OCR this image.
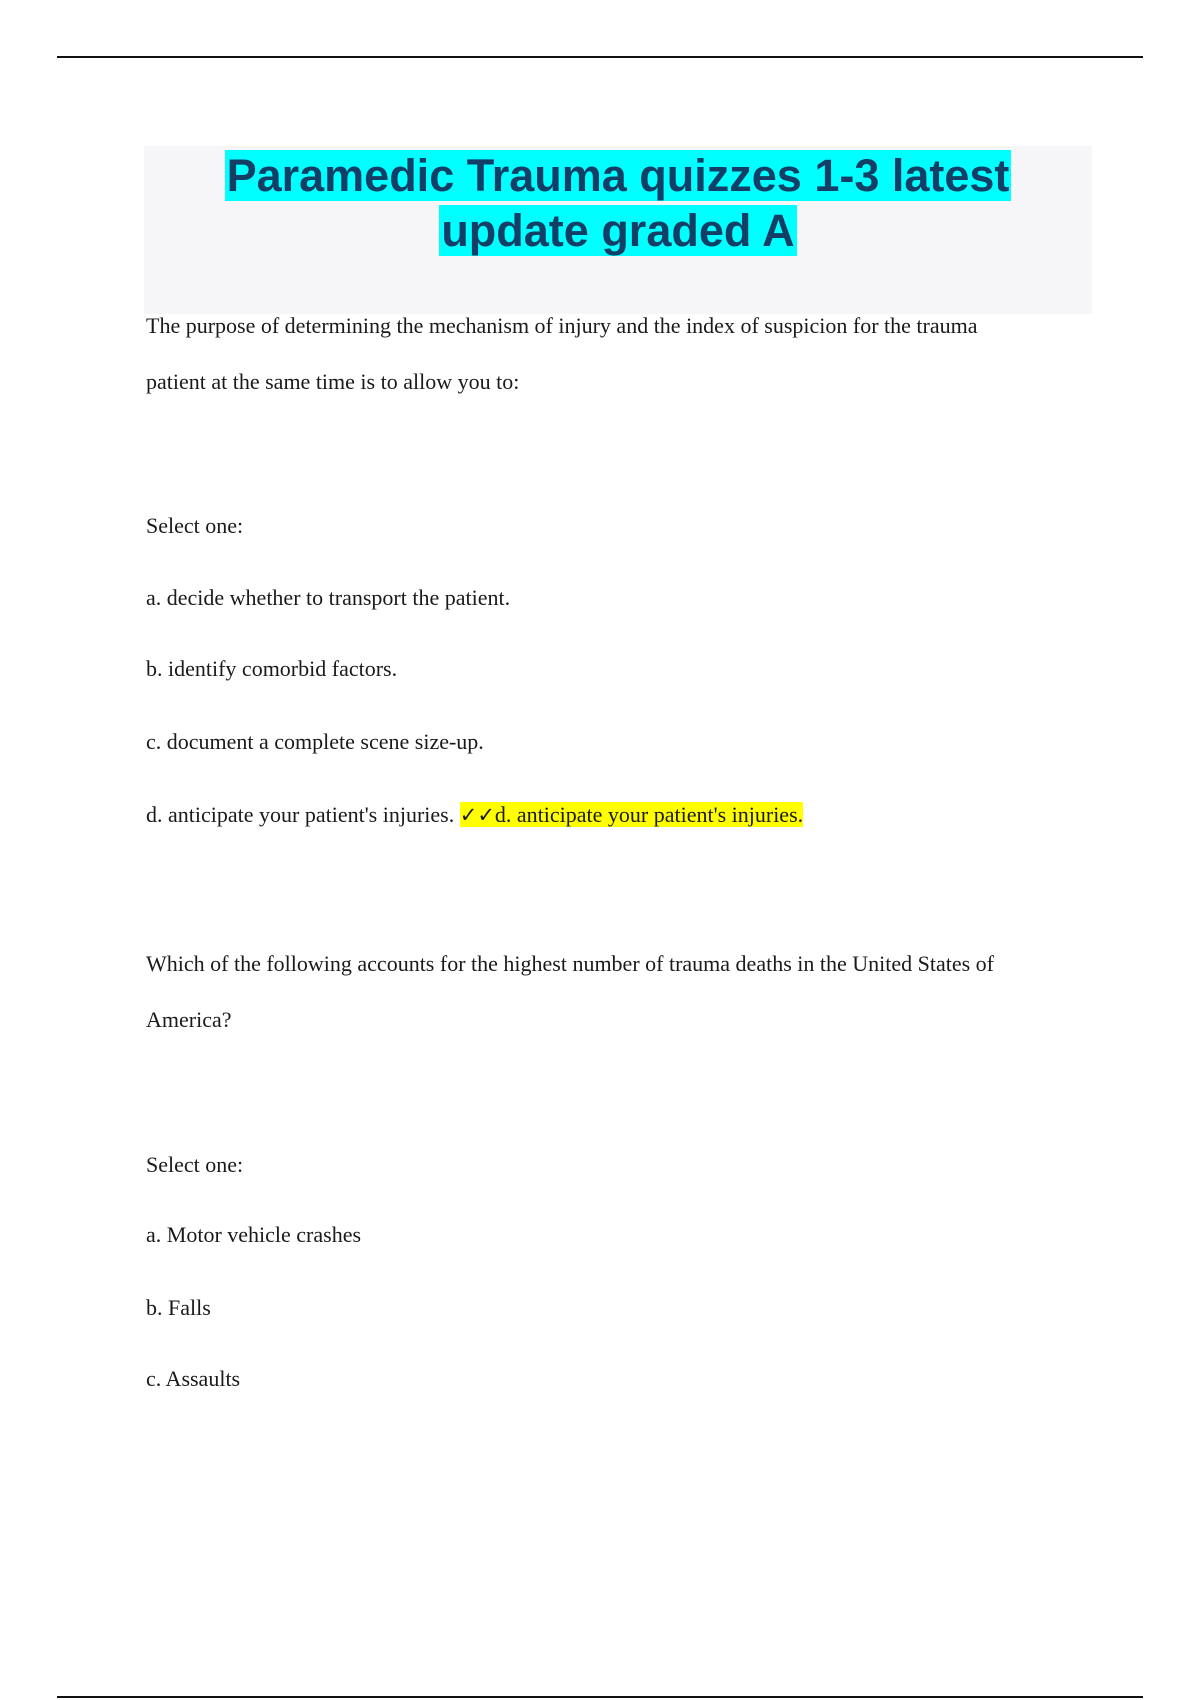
Paramedic Trauma quizzes 1-3 latest
update graded A
The purpose of determining the mechanism of injury and the index of suspicion for the trauma
patient at the same time is to allow you to:
Select one:
a. decide whether to transport the patient.
b. identify comorbid factors.
c. document a complete scene size-up.
d. anticipate your patient's injuries. ✓✓d. anticipate your patient's injuries.
Which of the following accounts for the highest number of trauma deaths in the United States of
America?
Select one:
a. Motor vehicle crashes
b. Falls
c. Assaults
